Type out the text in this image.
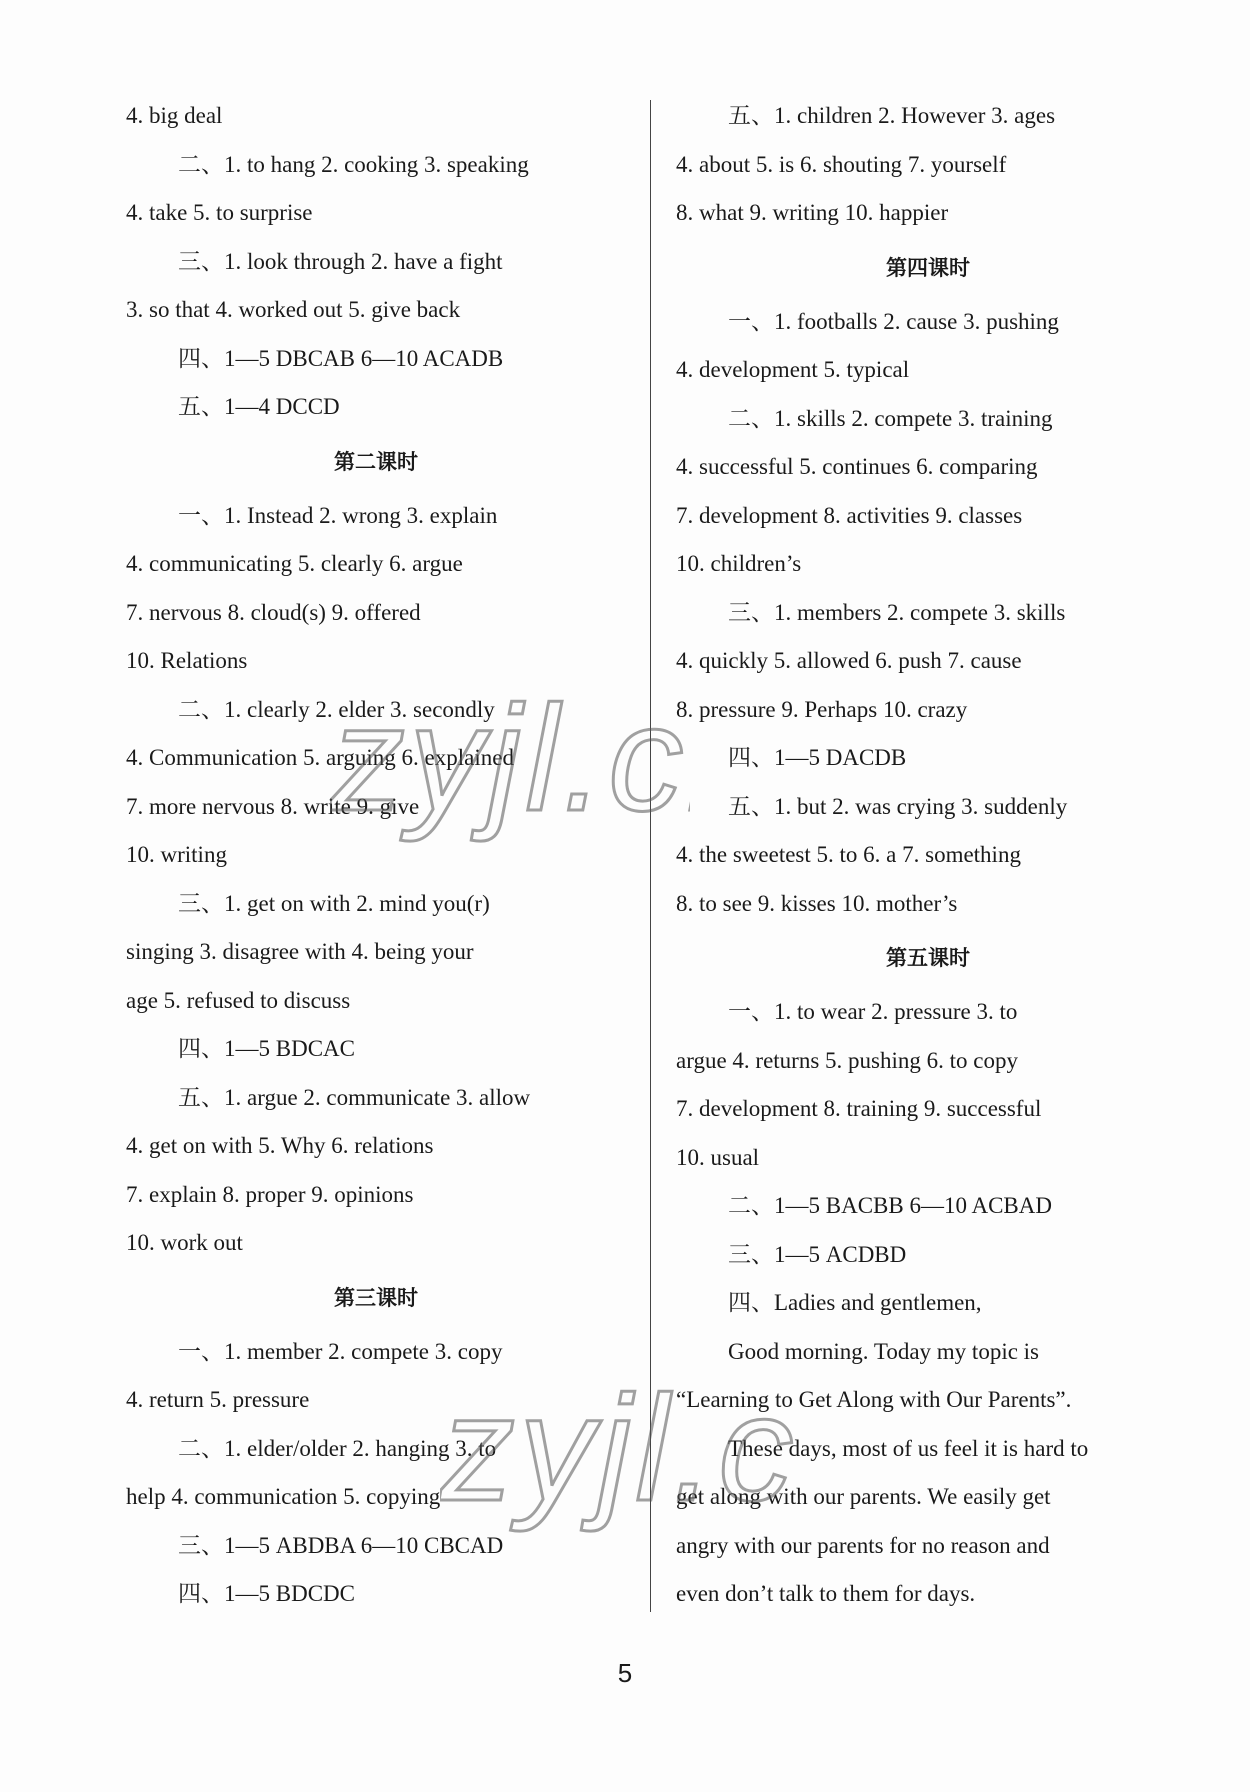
4. big deal
二、1. to hang 2. cooking 3. speaking
4. take 5. to surprise
三、1. look through 2. have a fight
3. so that 4. worked out 5. give back
四、1—5 DBCAB 6—10 ACADB
五、1—4 DCCD
第二课时
一、1. Instead 2. wrong 3. explain
4. communicating 5. clearly 6. argue
7. nervous 8. cloud(s) 9. offered
10. Relations
二、1. clearly 2. elder 3. secondly
4. Communication 5. arguing 6. explained
7. more nervous 8. write 9. give
10. writing
三、1. get on with 2. mind you(r)
singing 3. disagree with 4. being your
age 5. refused to discuss
四、1—5 BDCAC
五、1. argue 2. communicate 3. allow
4. get on with 5. Why 6. relations
7. explain 8. proper 9. opinions
10. work out
第三课时
一、1. member 2. compete 3. copy
4. return 5. pressure
二、1. elder/older 2. hanging 3. to
help 4. communication 5. copying
三、1—5 ABDBA 6—10 CBCAD
四、1—5 BDCDC
五、1. children 2. However 3. ages
4. about 5. is 6. shouting 7. yourself
8. what 9. writing 10. happier
第四课时
一、1. footballs 2. cause 3. pushing
4. development 5. typical
二、1. skills 2. compete 3. training
4. successful 5. continues 6. comparing
7. development 8. activities 9. classes
10. children’s
三、1. members 2. compete 3. skills
4. quickly 5. allowed 6. push 7. cause
8. pressure 9. Perhaps 10. crazy
四、1—5 DACDB
五、1. but 2. was crying 3. suddenly
4. the sweetest 5. to 6. a 7. something
8. to see 9. kisses 10. mother’s
第五课时
一、1. to wear 2. pressure 3. to
argue 4. returns 5. pushing 6. to copy
7. development 8. training 9. successful
10. usual
二、1—5 BACBB 6—10 ACBAD
三、1—5 ACDBD
四、Ladies and gentlemen,
Good morning. Today my topic is
“Learning to Get Along with Our Parents”.
These days, most of us feel it is hard to
get along with our parents. We easily get
angry with our parents for no reason and
even don’t talk to them for days.
zyjl.c
zyjl.c
5
